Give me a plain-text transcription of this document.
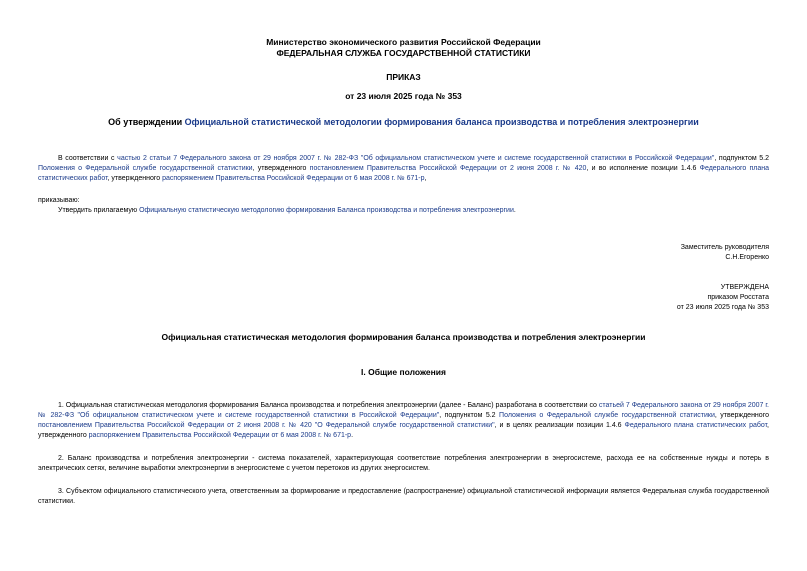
Министерство экономического развития Российской Федерации

ФЕДЕРАЛЬНАЯ СЛУЖБА ГОСУДАРСТВЕННОЙ СТАТИСТИКИ

ПРИКАЗ

от 23 июля 2025 года № 353

Об утверждении Официальной статистической методологии формирования баланса производства и потребления электроэнергии

В соответствии с частью 2 статьи 7 Федерального закона от 29 ноября 2007 г. № 282-ФЗ "Об официальном статистическом учете и системе государственной статистики в Российской Федерации", подпунктом 5.2 Положения о Федеральной службе государственной статистики, утвержденного постановлением Правительства Российской Федерации от 2 июня 2008 г. № 420, и во исполнение позиции 1.4.6 Федерального плана статистических работ, утвержденного распоряжением Правительства Российской Федерации от 6 мая 2008 г. № 671-р,

приказываю:

Утвердить прилагаемую Официальную статистическую методологию формирования Баланса производства и потребления электроэнергии.

Заместитель руководителя

С.Н.Егоренко

УТВЕРЖДЕНА

приказом Росстата

от 23 июля 2025 года № 353

Официальная статистическая методология формирования баланса производства и потребления электроэнергии

I. Общие положения

1. Официальная статистическая методология формирования Баланса производства и потребления электроэнергии (далее - Баланс) разработана в соответствии со статьей 7 Федерального закона от 29 ноября 2007 г. № 282-ФЗ "Об официальном статистическом учете и системе государственной статистики в Российской Федерации", подпунктом 5.2 Положения о Федеральной службе государственной статистики, утвержденного постановлением Правительства Российской Федерации от 2 июня 2008 г. № 420 "О Федеральной службе государственной статистики", и в целях реализации позиции 1.4.6 Федерального плана статистических работ, утвержденного распоряжением Правительства Российской Федерации от 6 мая 2008 г. № 671-р.

2. Баланс производства и потребления электроэнергии - система показателей, характеризующая соответствие потребления электроэнергии в энергосистеме, расхода ее на собственные нужды и потерь в электрических сетях, величине выработки электроэнергии в энергосистеме с учетом перетоков из других энергосистем.

3. Субъектом официального статистического учета, ответственным за формирование и предоставление (распространение) официальной статистической информации является Федеральная служба государственной статистики.
